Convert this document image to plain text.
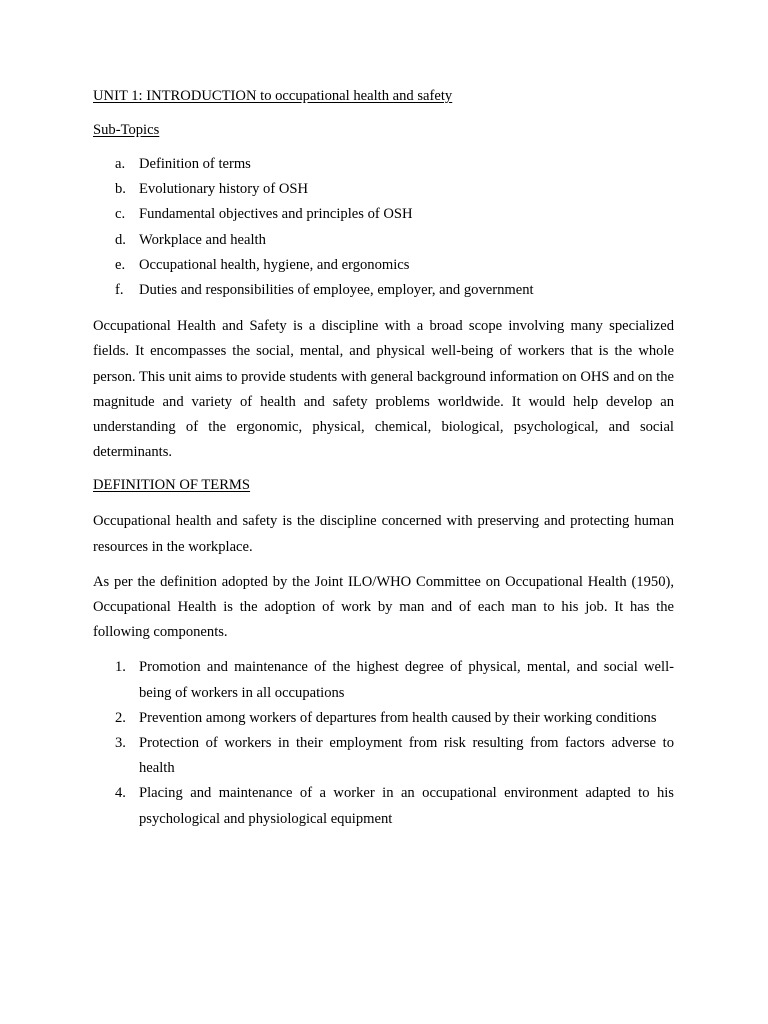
UNIT 1: INTRODUCTION to occupational health and safety

Sub-Topics

a. Definition of terms
b. Evolutionary history of OSH
c. Fundamental objectives and principles of OSH
d. Workplace and health
e. Occupational health, hygiene, and ergonomics
f.	Duties and responsibilities of employee, employer, and government

Occupational Health and Safety is a discipline with a broad scope involving many specialized fields. It encompasses the social, mental, and physical well-being of workers that is the whole person. This unit aims to provide students with general background information on OHS and on the magnitude and variety of health and safety problems worldwide. It would help develop an understanding of the ergonomic, physical, chemical, biological, psychological, and social determinants.

DEFINITION OF TERMS

Occupational health and safety is the discipline concerned with preserving and protecting human resources in the workplace.

As per the definition adopted by the Joint ILO/WHO Committee on Occupational Health (1950), Occupational Health is the adoption of work by man and of each man to his job. It has the following components.

1. Promotion and maintenance of the highest degree of physical, mental, and social well-being of workers in all occupations
2. Prevention among workers of departures from health caused by their working conditions
3. Protection of workers in their employment from risk resulting from factors adverse to health
4. Placing and maintenance of a worker in an occupational environment adapted to his psychological and physiological equipment
